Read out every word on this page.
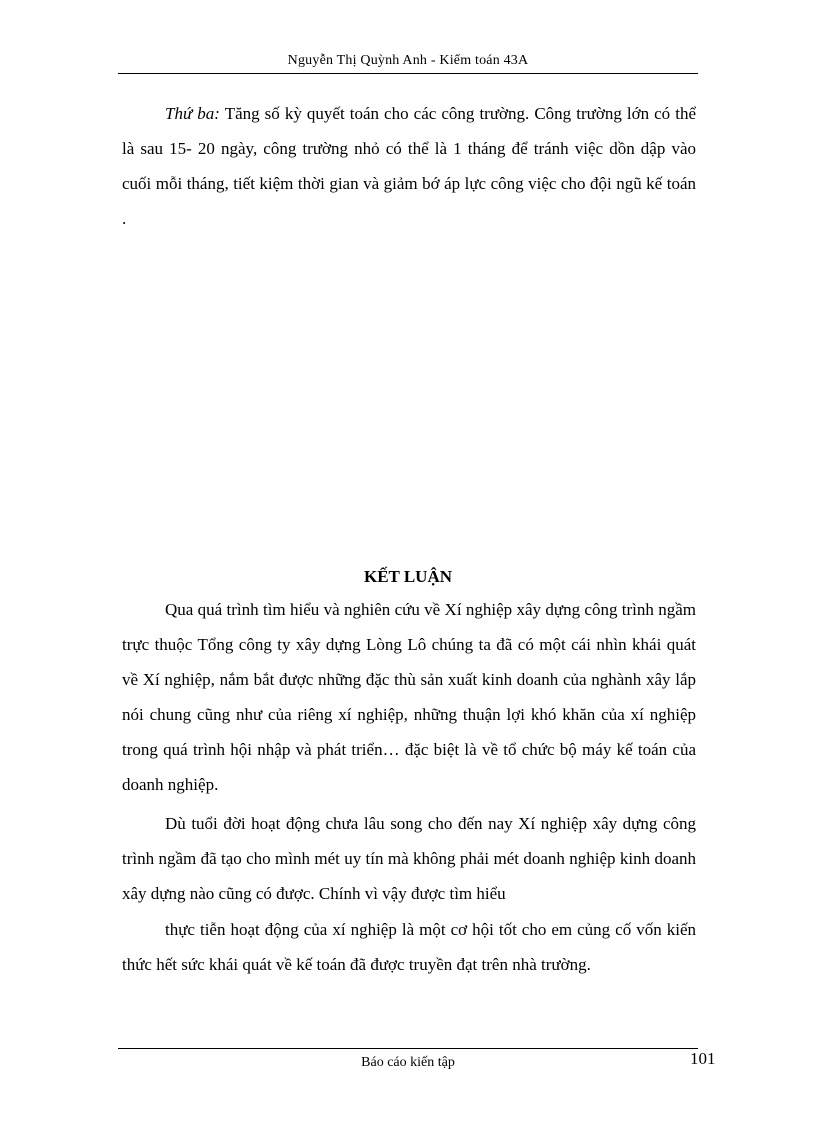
Nguyễn Thị Quỳnh Anh - Kiểm toán 43A

Thứ ba: Tăng số kỳ quyết toán cho các công trường. Công trường lớn có thể là sau 15- 20 ngày, công trường nhỏ có thể là 1 tháng để tránh việc dồn dập vào cuối mỗi tháng, tiết kiệm thời gian và giảm bớ áp lực công việc cho đội ngũ kế toán .

KẾT LUẬN

Qua quá trình tìm hiểu và nghiên cứu về Xí nghiệp xây dựng công trình ngầm trực thuộc Tổng công ty xây dựng Lòng Lô chúng ta đã có một cái nhìn khái quát về Xí nghiệp, nắm bắt được những đặc thù sản xuất kinh doanh của nghành xây lắp nói chung cũng như của riêng xí nghiệp, những thuận lợi khó khăn của xí nghiệp trong quá trình hội nhập và phát triển… đặc biệt là về tổ chức bộ máy kế toán của doanh nghiệp.

Dù tuổi đời hoạt động chưa lâu song cho đến nay Xí nghiệp xây dựng công trình ngầm đã tạo cho mình mét uy tín mà không phải mét doanh nghiệp kinh doanh xây dựng nào cũng có được. Chính vì vậy được tìm hiểu

thực tiễn hoạt động của xí nghiệp là một cơ hội tốt cho em củng cố vốn kiến thức hết sức khái quát về kế toán đã được truyền đạt trên nhà trường.

Báo cáo kiến tập	101
